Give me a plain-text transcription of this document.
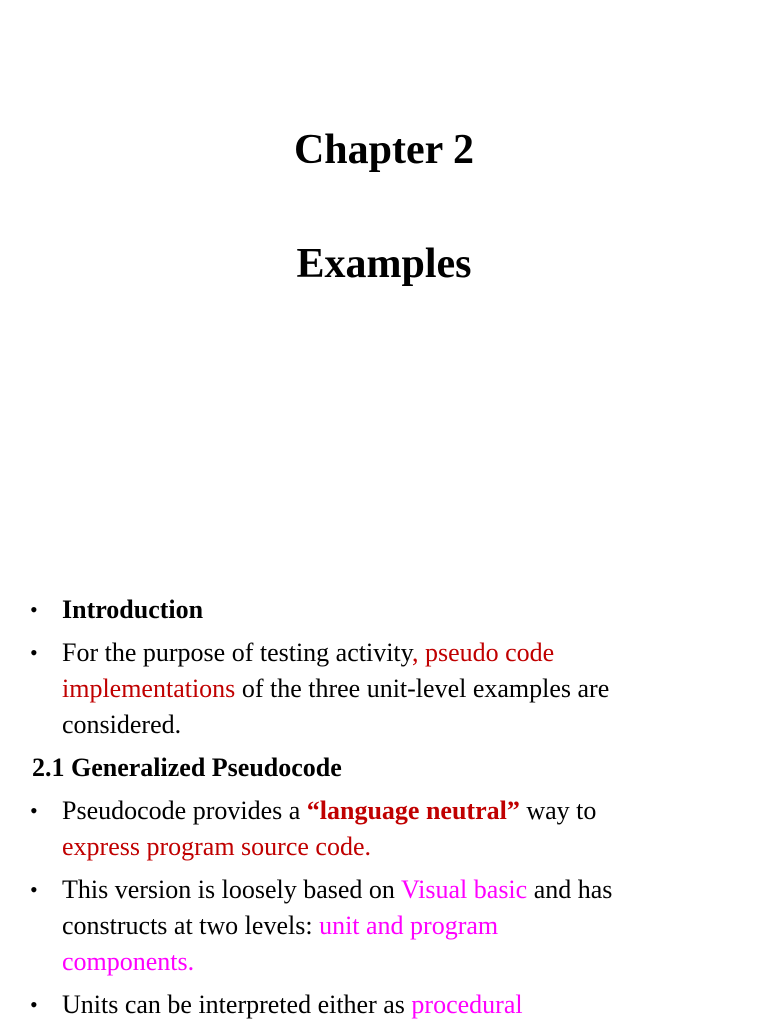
Chapter 2
Examples
• Introduction
• For the purpose of testing activity, pseudo code
implementations of the three unit-level examples are
considered.
2.1 Generalized Pseudocode
• Pseudocode provides a “language neutral” way to
express program source code.
• This version is loosely based on Visual basic and has
constructs at two levels: unit and program
components.
• Units can be interpreted either as procedural
